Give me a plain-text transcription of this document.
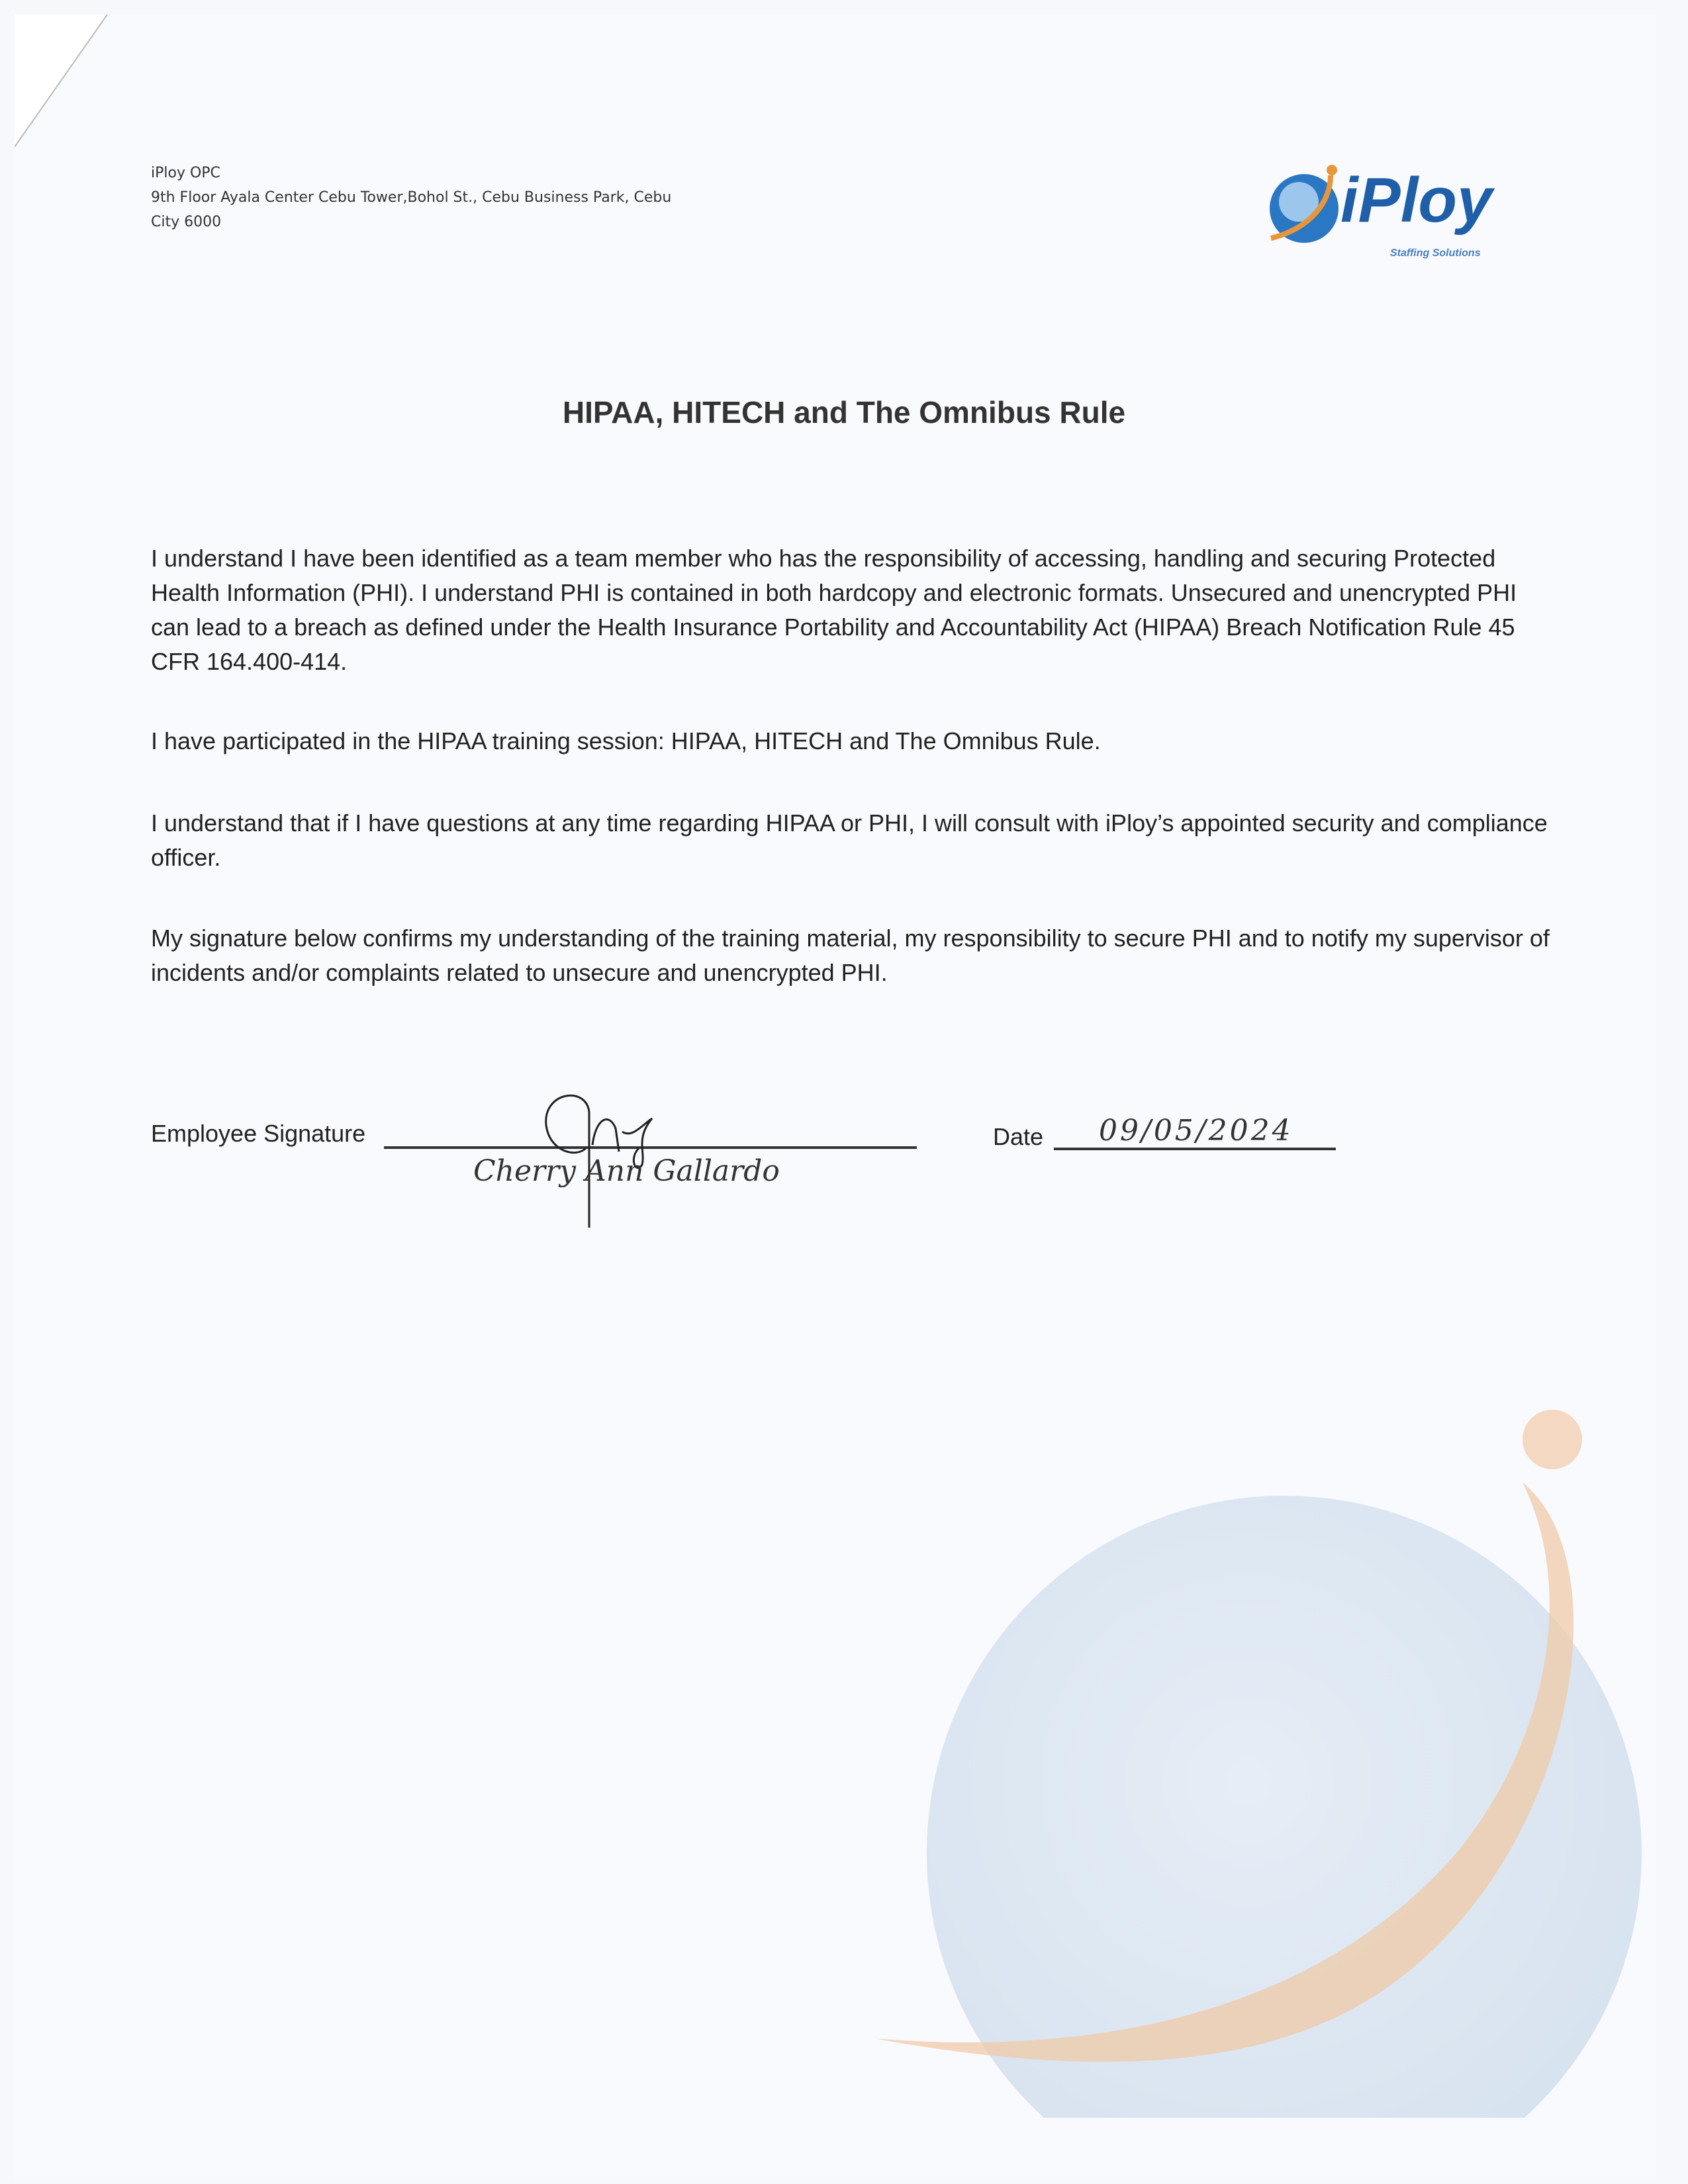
iPloy OPC
9th Floor Ayala Center Cebu Tower,Bohol St., Cebu Business Park, Cebu
City 6000	iPloy
Staffing Solutions
HIPAA, HITECH and The Omnibus Rule
I understand I have been identified as a team member who has the responsibility of accessing, handling and securing Protected Health Information (PHI). I understand PHI is contained in both hardcopy and electronic formats. Unsecured and unencrypted PHI can lead to a breach as defined under the Health Insurance Portability and Accountability Act (HIPAA) Breach Notification Rule 45 CFR 164.400-414.
I have participated in the HIPAA training session: HIPAA, HITECH and The Omnibus Rule.
I understand that if I have questions at any time regarding HIPAA or PHI, I will consult with iPloy’s appointed security and compliance officer.
My signature below confirms my understanding of the training material, my responsibility to secure PHI and to notify my supervisor of incidents and/or complaints related to unsecure and unencrypted PHI.
Employee Signature
Cherry Ann Gallardo
Date 09/05/2024
